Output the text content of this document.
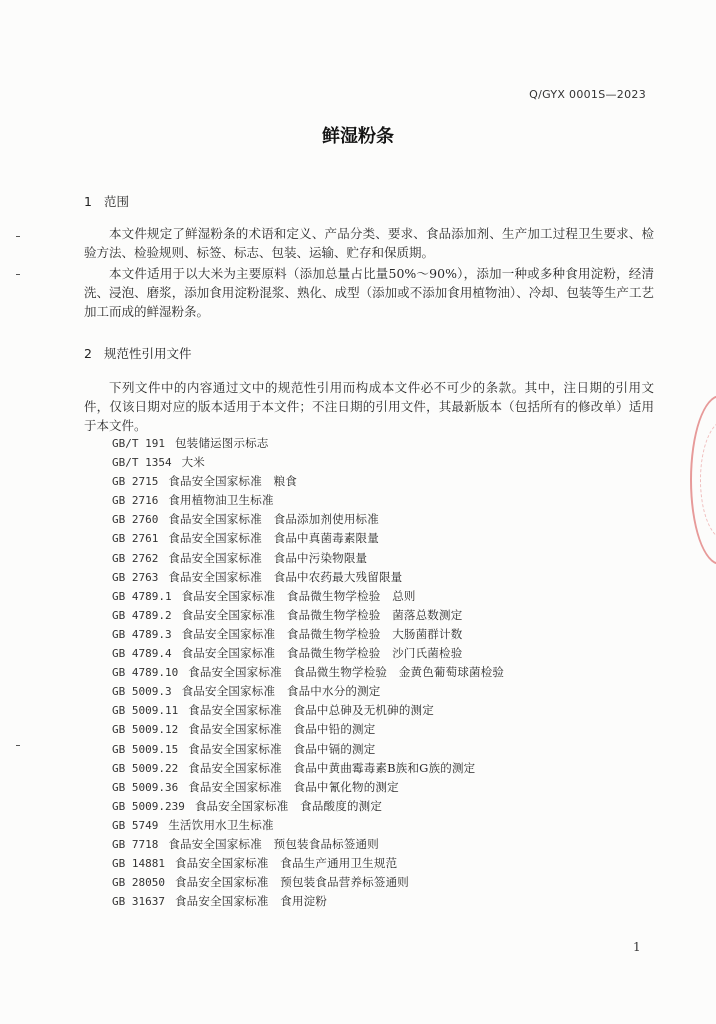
Q/GYX 0001S—2023
鲜湿粉条
1 范围

本文件规定了鲜湿粉条的术语和定义、产品分类、要求、食品添加剂、生产加工过程卫生要求、检验方法、检验规则、标签、标志、包装、运输、贮存和保质期。

本文件适用于以大米为主要原料（添加总量占比量50%～90%），添加一种或多种食用淀粉，经清洗、浸泡、磨浆，添加食用淀粉混浆、熟化、成型（添加或不添加食用植物油）、冷却、包装等生产工艺加工而成的鲜湿粉条。

2 规范性引用文件

下列文件中的内容通过文中的规范性引用而构成本文件必不可少的条款。其中，注日期的引用文件，仅该日期对应的版本适用于本文件；不注日期的引用文件，其最新版本（包括所有的修改单）适用于本文件。

GB/T 191 包装储运图示标志
GB/T 1354 大米
GB 2715 食品安全国家标准　粮食
GB 2716 食用植物油卫生标准
GB 2760 食品安全国家标准　食品添加剂使用标准
GB 2761 食品安全国家标准　食品中真菌毒素限量
GB 2762 食品安全国家标准　食品中污染物限量
GB 2763 食品安全国家标准　食品中农药最大残留限量
GB 4789.1 食品安全国家标准　食品微生物学检验　总则
GB 4789.2 食品安全国家标准　食品微生物学检验　菌落总数测定
GB 4789.3 食品安全国家标准　食品微生物学检验　大肠菌群计数
GB 4789.4 食品安全国家标准　食品微生物学检验　沙门氏菌检验
GB 4789.10 食品安全国家标准　食品微生物学检验　金黄色葡萄球菌检验
GB 5009.3 食品安全国家标准　食品中水分的测定
GB 5009.11 食品安全国家标准　食品中总砷及无机砷的测定
GB 5009.12 食品安全国家标准　食品中铅的测定
GB 5009.15 食品安全国家标准　食品中镉的测定
GB 5009.22 食品安全国家标准　食品中黄曲霉毒素B族和G族的测定
GB 5009.36 食品安全国家标准　食品中氰化物的测定
GB 5009.239 食品安全国家标准　食品酸度的测定
GB 5749 生活饮用水卫生标准
GB 7718 食品安全国家标准　预包装食品标签通则
GB 14881 食品安全国家标准　食品生产通用卫生规范
GB 28050 食品安全国家标准　预包装食品营养标签通则
GB 31637 食品安全国家标准　食用淀粉
1
